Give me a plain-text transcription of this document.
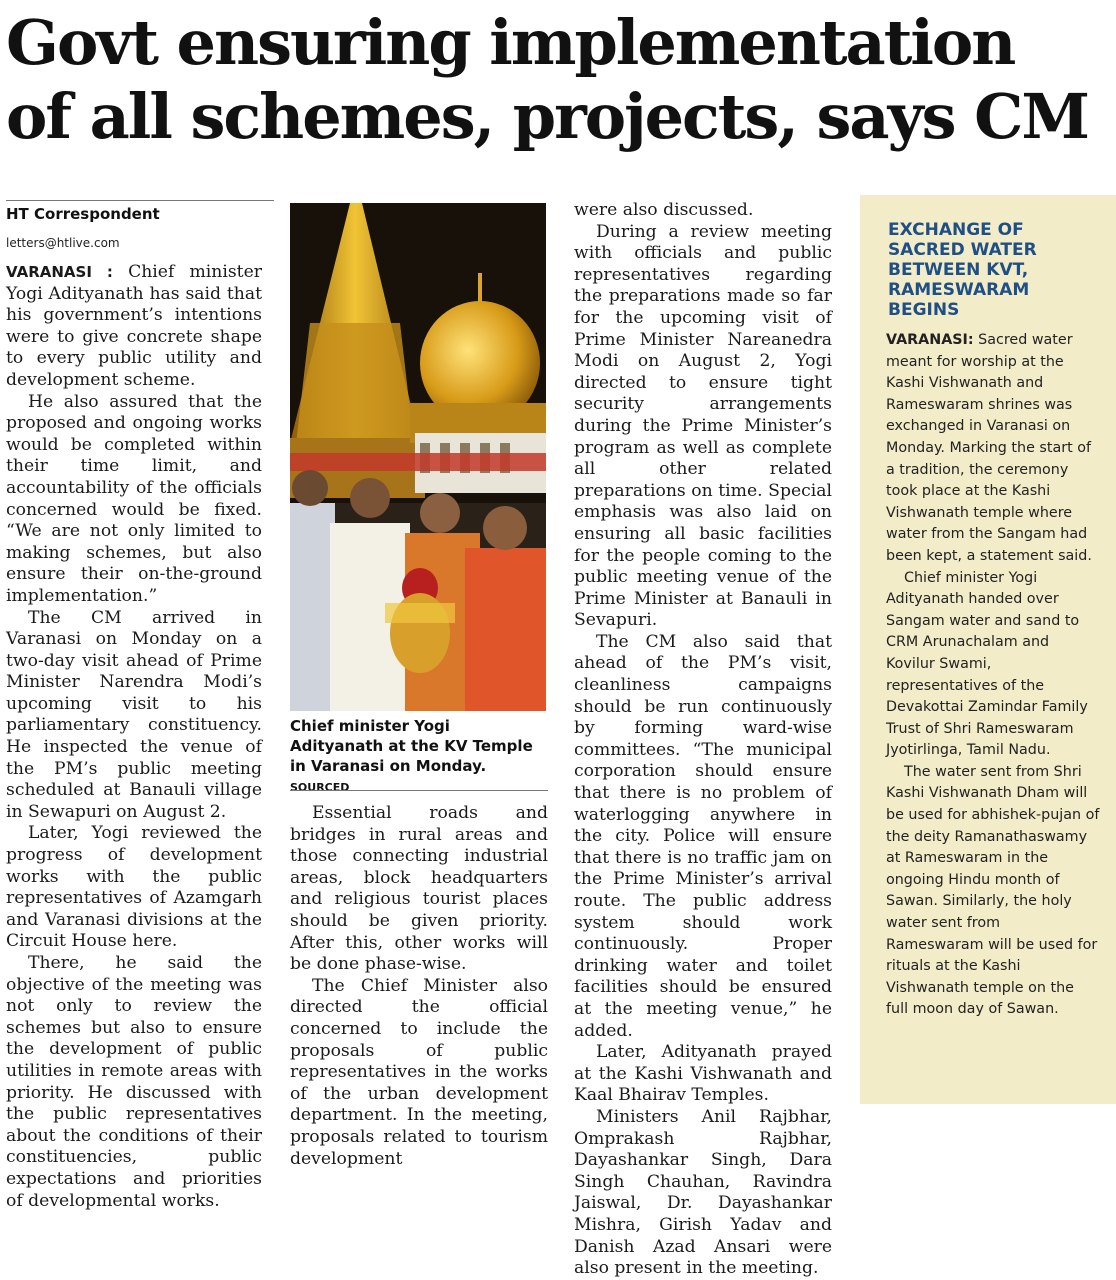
Govt ensuring implementation
of all schemes, projects, says CM
HT Correspondent
letters@htlive.com

VARANASI : Chief minister Yogi Adityanath has said that his government’s intentions were to give concrete shape to every public utility and development scheme.

He also assured that the proposed and ongoing works would be completed within their time limit, and accountability of the officials concerned would be fixed. “We are not only limited to making schemes, but also ensure their on-the-ground implementation.”

The CM arrived in Varanasi on Monday on a two-day visit ahead of Prime Minister Narendra Modi’s upcoming visit to his parliamentary constituency. He inspected the venue of the PM’s public meeting scheduled at Banauli village in Sewapuri on August 2.

Later, Yogi reviewed the progress of development works with the public representatives of Azamgarh and Varanasi divisions at the Circuit House here.

There, he said the objective of the meeting was not only to review the schemes but also to ensure the development of public utilities in remote areas with priority. He discussed with the public representatives about the conditions of their constituencies, public expectations and priorities of developmental works.

Chief minister Yogi Adityanath at the KV Temple in Varanasi on Monday. SOURCED

Essential roads and bridges in rural areas and those connecting industrial areas, block headquarters and religious tourist places should be given priority. After this, other works will be done phase-wise.

The Chief Minister also directed the official concerned to include the proposals of public representatives in the works of the urban development department. In the meeting, proposals related to tourism development

were also discussed.

During a review meeting with officials and public representatives regarding the preparations made so far for the upcoming visit of Prime Minister Nareanedra Modi on August 2, Yogi directed to ensure tight security arrangements during the Prime Minister’s program as well as complete all other related preparations on time. Special emphasis was also laid on ensuring all basic facilities for the people coming to the public meeting venue of the Prime Minister at Banauli in Sevapuri.

The CM also said that ahead of the PM’s visit, cleanliness campaigns should be run continuously by forming ward-wise committees. “The municipal corporation should ensure that there is no problem of waterlogging anywhere in the city. Police will ensure that there is no traffic jam on the Prime Minister’s arrival route. The public address system should work continuously. Proper drinking water and toilet facilities should be ensured at the meeting venue,” he added.

Later, Adityanath prayed at the Kashi Vishwanath and Kaal Bhairav Temples.

Ministers Anil Rajbhar, Omprakash Rajbhar, Dayashankar Singh, Dara Singh Chauhan, Ravindra Jaiswal, Dr. Dayashankar Mishra, Girish Yadav and Danish Azad Ansari were also present in the meeting.

EXCHANGE OF SACRED WATER BETWEEN KVT, RAMESWARAM BEGINS

VARANASI: Sacred water meant for worship at the Kashi Vishwanath and Rameswaram shrines was exchanged in Varanasi on Monday. Marking the start of a tradition, the ceremony took place at the Kashi Vishwanath temple where water from the Sangam had been kept, a statement said.

Chief minister Yogi Adityanath handed over Sangam water and sand to CRM Arunachalam and Kovilur Swami, representatives of the Devakottai Zamindar Family Trust of Shri Rameswaram Jyotirlinga, Tamil Nadu.

The water sent from Shri Kashi Vishwanath Dham will be used for abhishek-pujan of the deity Ramanathaswamy at Rameswaram in the ongoing Hindu month of Sawan. Similarly, the holy water sent from Rameswaram will be used for rituals at the Kashi Vishwanath temple on the full moon day of Sawan.
